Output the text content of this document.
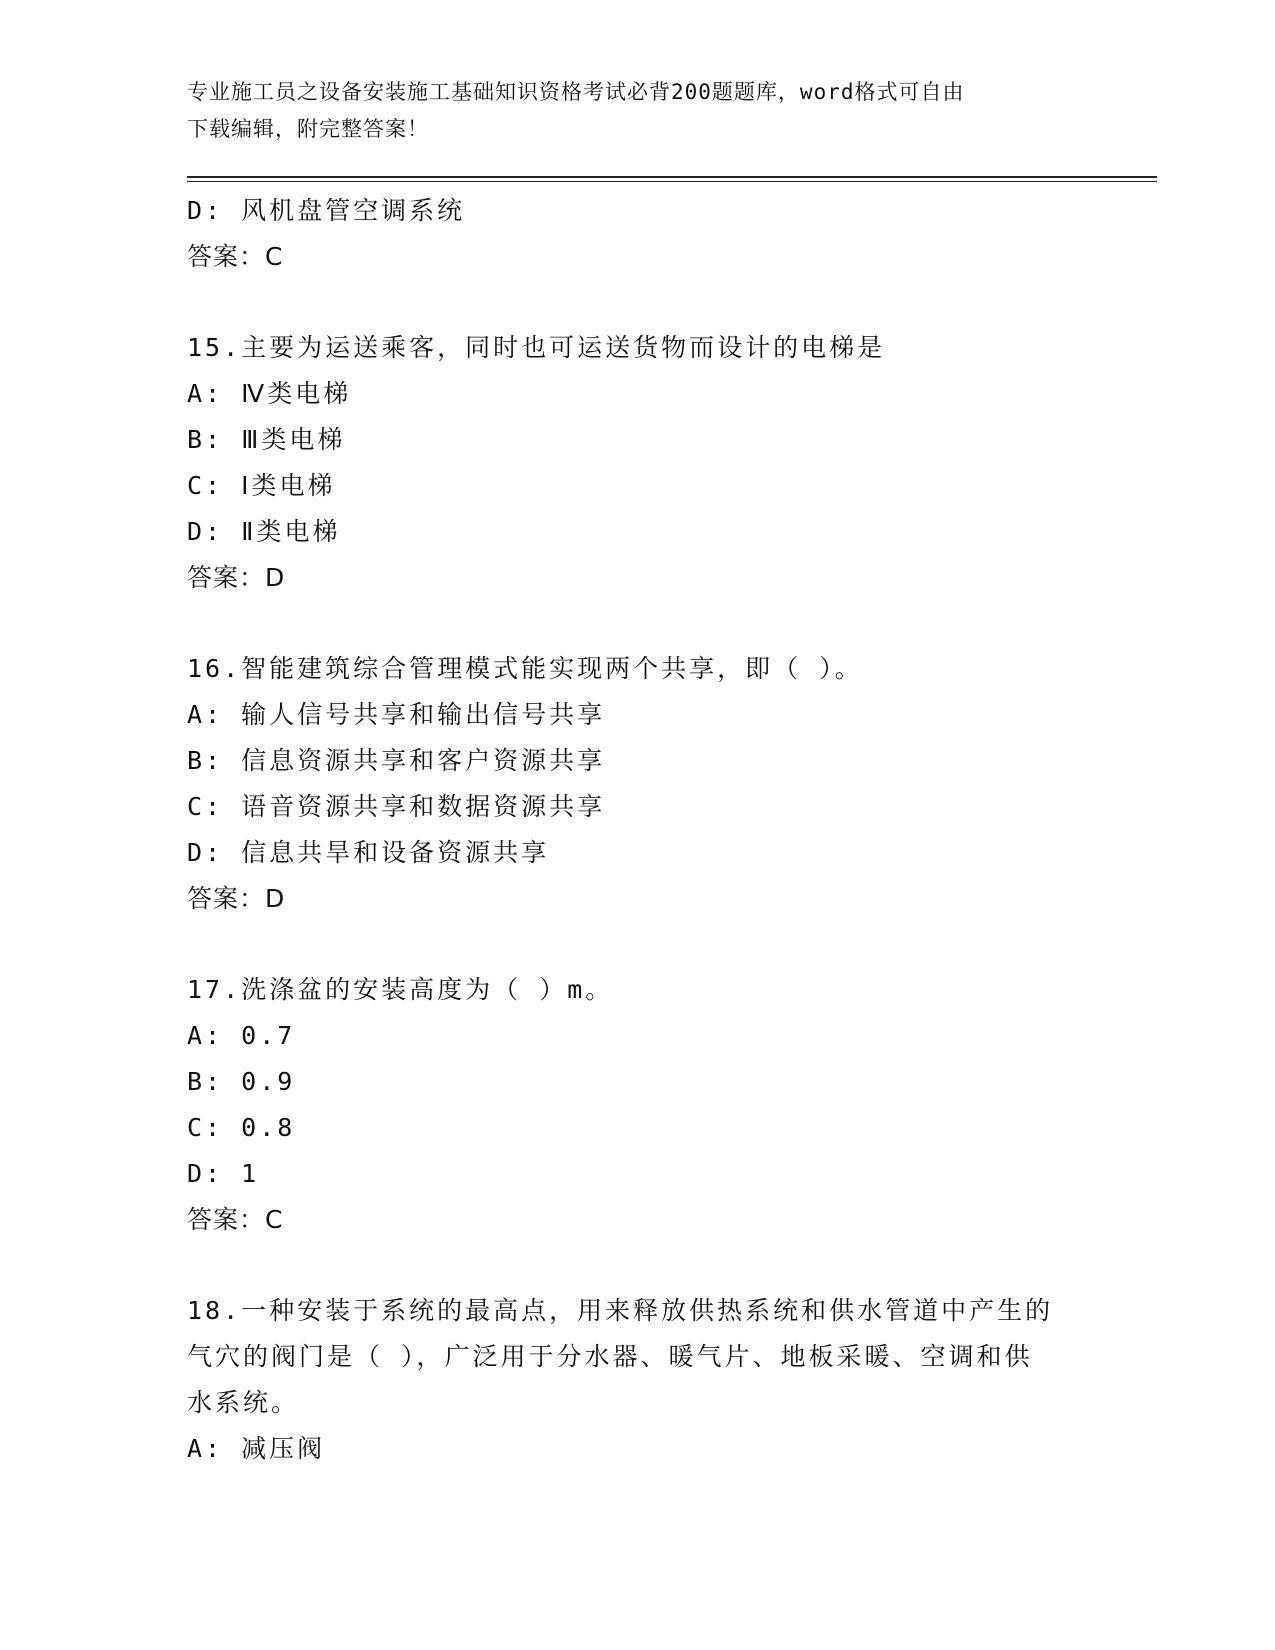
专业施工员之设备安装施工基础知识资格考试必背200题题库，word格式可自由
下载编辑，附完整答案！
D: 风机盘管空调系统
答案：C
15.主要为运送乘客，同时也可运送货物而设计的电梯是
A: Ⅳ类电梯
B: Ⅲ类电梯
C: Ⅰ类电梯
D: Ⅱ类电梯
答案：D
16.智能建筑综合管理模式能实现两个共享，即（ ）。
A: 输人信号共享和输出信号共享
B: 信息资源共享和客户资源共享
C: 语音资源共享和数据资源共享
D: 信息共旱和设备资源共享
答案：D
17.洗涤盆的安装高度为（ ）m。
A: 0.7
B: 0.9
C: 0.8
D: 1
答案：C
18.一种安装于系统的最高点，用来释放供热系统和供水管道中产生的
气穴的阀门是（ ），广泛用于分水器、暖气片、地板采暖、空调和供
水系统。
A: 减压阀
